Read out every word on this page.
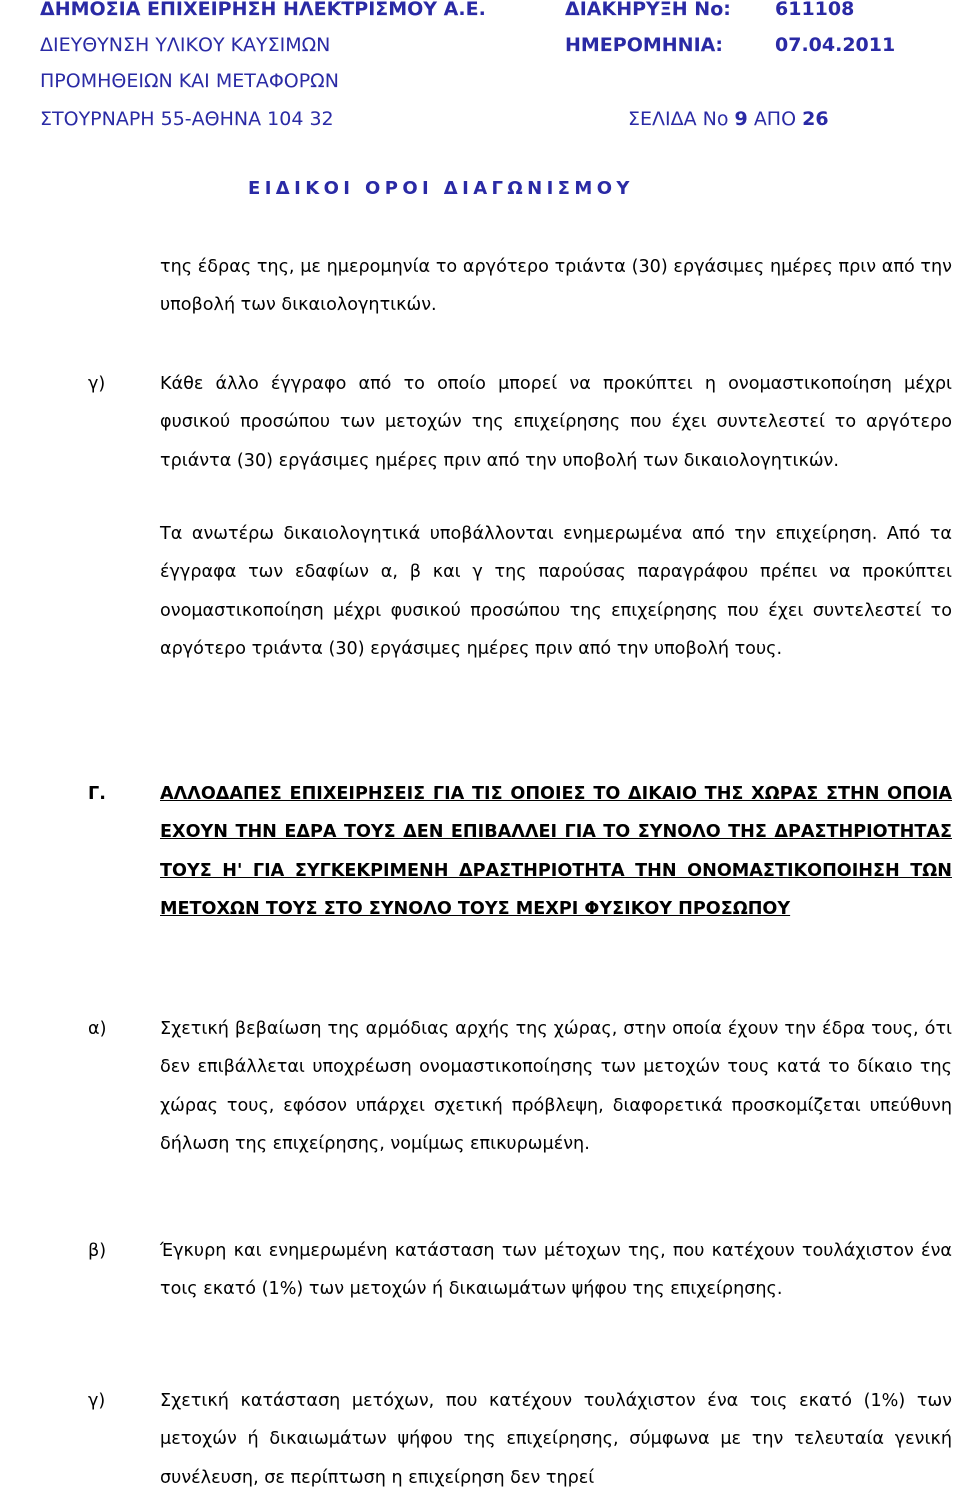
ΔΗΜΟΣΙΑ ΕΠΙΧΕΙΡΗΣΗ ΗΛΕΚΤΡΙΣΜΟΥ Α.Ε.	ΔΙΑΚΗΡΥΞΗ Νο: 611108
ΔΙΕΥΘΥΝΣΗ ΥΛΙΚΟΥ ΚΑΥΣΙΜΩΝ	ΗΜΕΡΟΜΗΝΙΑ:	07.04.2011
ΠΡΟΜΗΘΕΙΩΝ ΚΑΙ ΜΕΤΑΦΟΡΩΝ
ΣΤΟΥΡΝΑΡΗ 55-ΑΘΗΝΑ 104 32	ΣΕΛΙΔΑ Νο 9 ΑΠΟ 26
ΕΙΔΙΚΟΙ ΟΡΟΙ ΔΙΑΓΩΝΙΣΜΟΥ
της έδρας της, με ημερομηνία το αργότερο τριάντα (30) εργάσιμες ημέρες πριν από την υποβολή των δικαιολογητικών.
γ)	Κάθε άλλο έγγραφο από το οποίο μπορεί να προκύπτει η ονομαστικοποίηση μέχρι φυσικού προσώπου των μετοχών της επιχείρησης που έχει συντελεστεί το αργότερο τριάντα (30) εργάσιμες ημέρες πριν από την υποβολή των δικαιολογητικών.
Τα ανωτέρω δικαιολογητικά υποβάλλονται ενημερωμένα από την επιχείρηση. Από τα έγγραφα των εδαφίων α, β και γ της παρούσας παραγράφου πρέπει να προκύπτει ονομαστικοποίηση μέχρι φυσικού προσώπου της επιχείρησης που έχει συντελεστεί το αργότερο τριάντα (30) εργάσιμες ημέρες πριν από την υποβολή τους.
Γ.	ΑΛΛΟΔΑΠΕΣ ΕΠΙΧΕΙΡΗΣΕΙΣ ΓΙΑ ΤΙΣ ΟΠΟΙΕΣ ΤΟ ΔΙΚΑΙΟ ΤΗΣ ΧΩΡΑΣ ΣΤΗΝ ΟΠΟΙΑ ΕΧΟΥΝ ΤΗΝ ΕΔΡΑ ΤΟΥΣ ΔΕΝ ΕΠΙΒΑΛΛΕΙ ΓΙΑ ΤΟ ΣΥΝΟΛΟ ΤΗΣ ΔΡΑΣΤΗΡΙΟΤΗΤΑΣ ΤΟΥΣ Η' ΓΙΑ ΣΥΓΚΕΚΡΙΜΕΝΗ ΔΡΑΣΤΗΡΙΟΤΗΤΑ ΤΗΝ ΟΝΟΜΑΣΤΙΚΟΠΟΙΗΣΗ ΤΩΝ ΜΕΤΟΧΩΝ ΤΟΥΣ ΣΤΟ ΣΥΝΟΛΟ ΤΟΥΣ ΜΕΧΡΙ ΦΥΣΙΚΟΥ ΠΡΟΣΩΠΟΥ
α)	Σχετική βεβαίωση της αρμόδιας αρχής της χώρας, στην οποία έχουν την έδρα τους, ότι δεν επιβάλλεται υποχρέωση ονομαστικοποίησης των μετοχών τους κατά το δίκαιο της χώρας τους, εφόσον υπάρχει σχετική πρόβλεψη, διαφορετικά προσκομίζεται υπεύθυνη δήλωση της επιχείρησης, νομίμως επικυρωμένη.
β)	Έγκυρη και ενημερωμένη κατάσταση των μέτοχων της, που κατέχουν τουλάχιστον ένα τοις εκατό (1%) των μετοχών ή δικαιωμάτων ψήφου της επιχείρησης.
γ)	Σχετική κατάσταση μετόχων, που κατέχουν τουλάχιστον ένα τοις εκατό (1%) των μετοχών ή δικαιωμάτων ψήφου της επιχείρησης, σύμφωνα με την τελευταία γενική συνέλευση, σε περίπτωση η επιχείρηση δεν τηρεί
